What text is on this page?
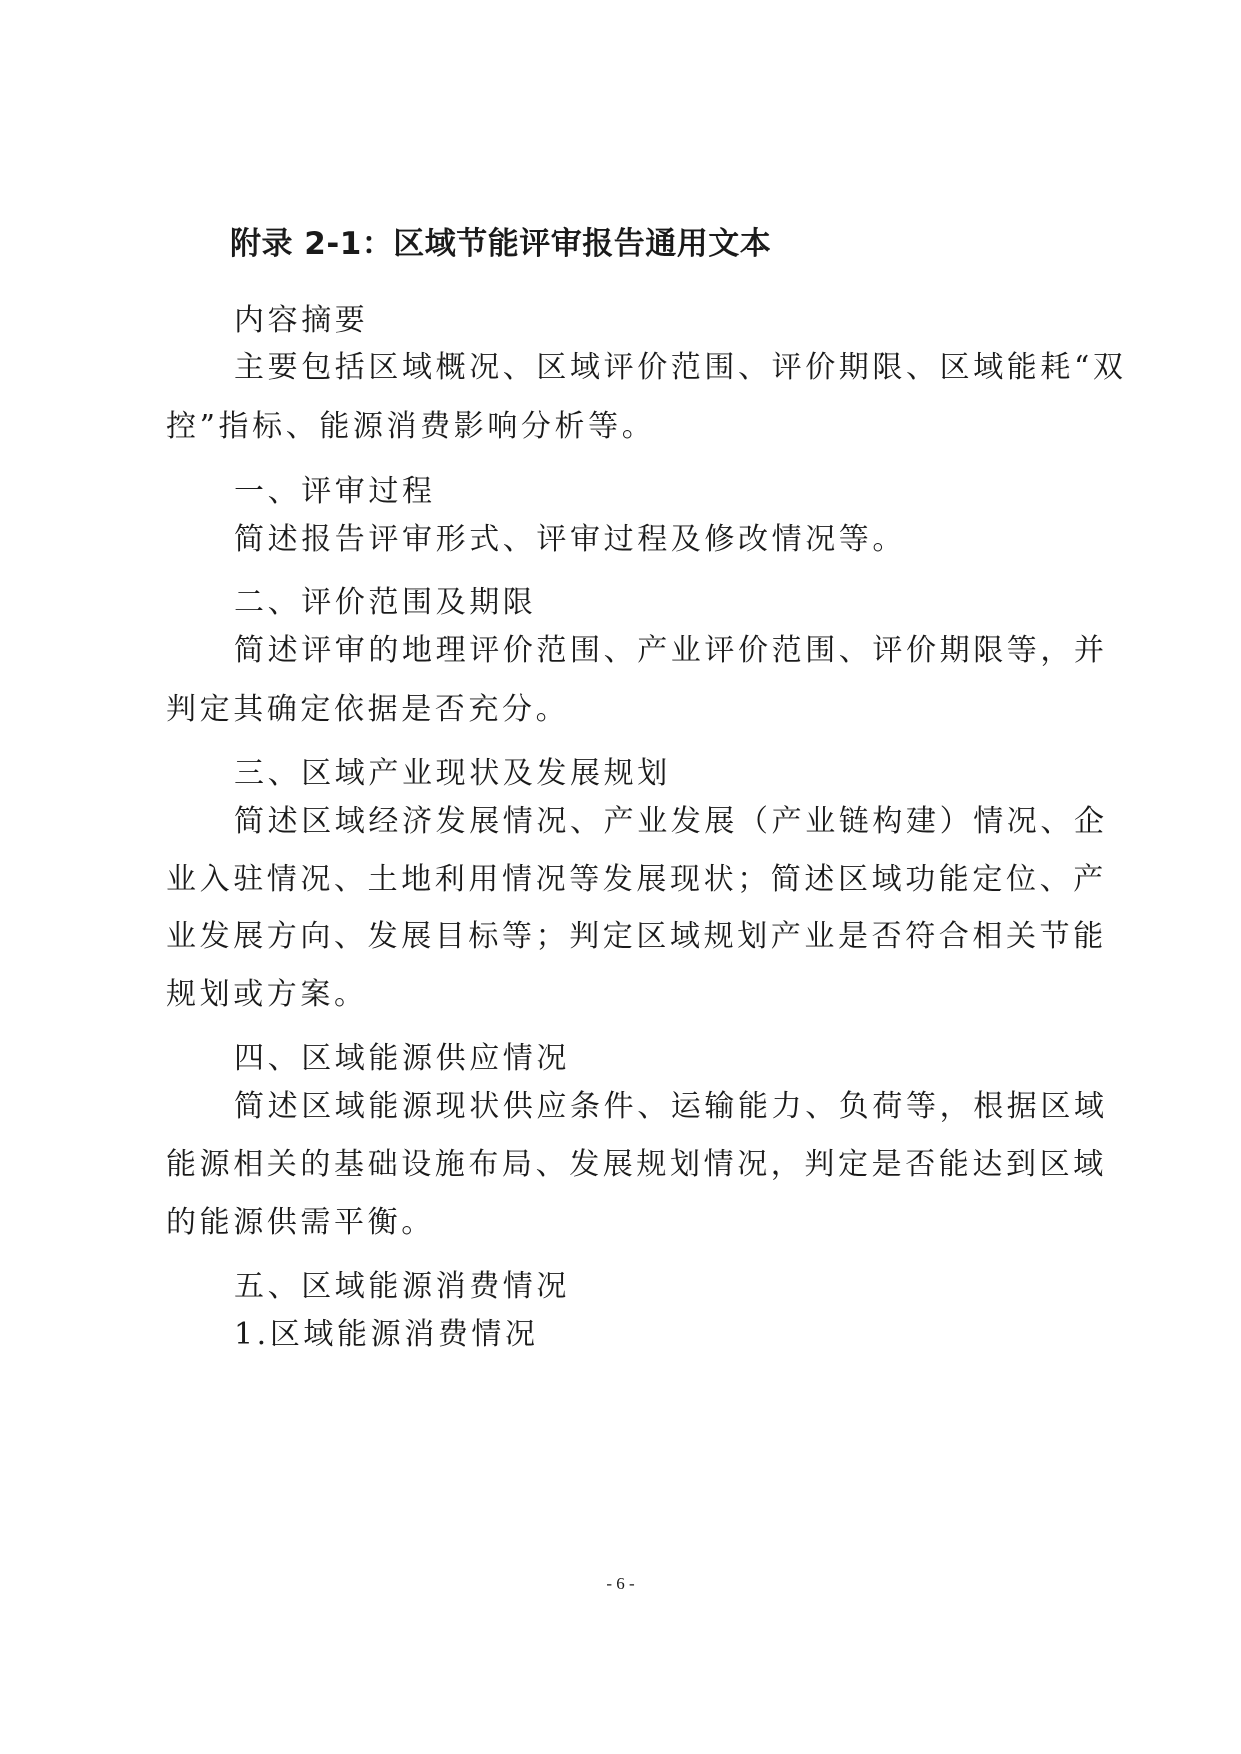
附录 2-1：区域节能评审报告通用文本
内容摘要
主要包括区域概况、区域评价范围、评价期限、区域能耗“双
控”指标、能源消费影响分析等。
一、评审过程
简述报告评审形式、评审过程及修改情况等。
二、评价范围及期限
简述评审的地理评价范围、产业评价范围、评价期限等，并
判定其确定依据是否充分。
三、区域产业现状及发展规划
简述区域经济发展情况、产业发展（产业链构建）情况、企
业入驻情况、土地利用情况等发展现状；简述区域功能定位、产
业发展方向、发展目标等；判定区域规划产业是否符合相关节能
规划或方案。
四、区域能源供应情况
简述区域能源现状供应条件、运输能力、负荷等，根据区域
能源相关的基础设施布局、发展规划情况，判定是否能达到区域
的能源供需平衡。
五、区域能源消费情况
1.区域能源消费情况
- 6 -
